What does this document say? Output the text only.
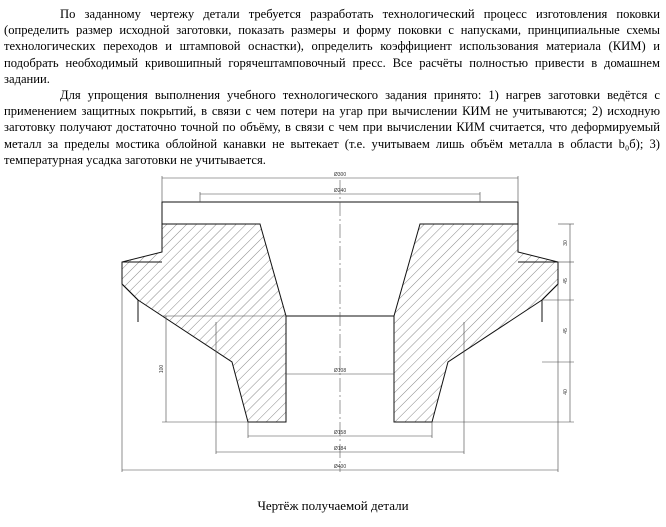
По заданному чертежу детали требуется разработать технологический процесс изготовления поковки (определить размер исходной заготовки, показать размеры и форму поковки с напусками, принципиальные схемы технологических переходов и штамповой оснастки), определить коэффициент использования материала (КИМ) и подобрать необходимый кривошипный горячештамповочный пресс. Все расчёты полностью привести в домашнем задании.

Для упрощения выполнения учебного технологического задания принято: 1) нагрев заготовки ведётся с применением защитных покрытий, в связи с чем потери на угар при вычислении КИМ не учитываются; 2) исходную заготовку получают достаточно точной по объёму, в связи с чем при вычислении КИМ считается, что деформируемый металл за пределы мостика облойной канавки не вытекает (т.е. учитываем лишь объём металла в области b₀б); 3) температурная усадка заготовки не учитывается.

Ø300
Ø240
Ø108
Ø158
Ø184
Ø400
30
45
45
40
100
Чертёж получаемой детали
